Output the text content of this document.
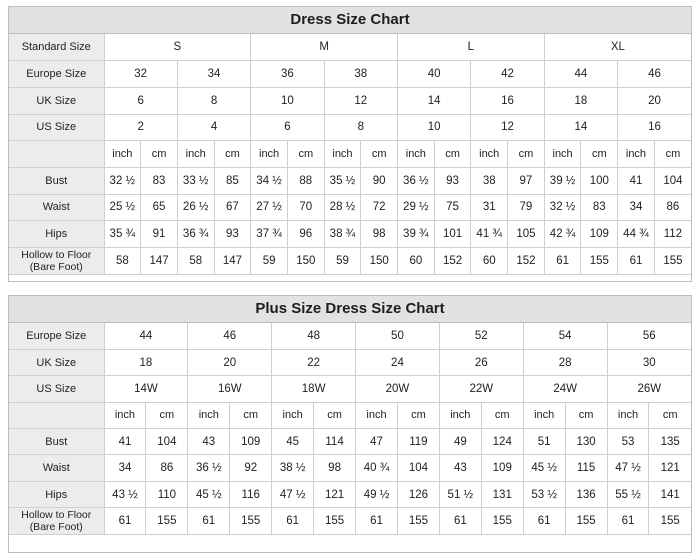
Dress Size Chart
Standard Size	S				M				L				XL			
Europe Size	32		34		36		38		40		42		44		46	
UK Size	6		8		10		12		14		16		18		20	
US Size	2		4		6		8		10		12		14		16	
	inch	cm	inch	cm	inch	cm	inch	cm	inch	cm	inch	cm	inch	cm	inch	cm
Bust	32 ½	83	33 ½	85	34 ½	88	35 ½	90	36 ½	93	38	97	39 ½	100	41	104
Waist	25 ½	65	26 ½	67	27 ½	70	28 ½	72	29 ½	75	31	79	32 ½	83	34	86
Hips	35 ¾	91	36 ¾	93	37 ¾	96	38 ¾	98	39 ¾	101	41 ¾	105	42 ¾	109	44 ¾	112
Hollow to Floor (Bare Foot)	58	147	58	147	59	150	59	150	60	152	60	152	61	155	61	155
Plus Size Dress Size Chart
Europe Size	44		46		48		50		52		54		56	
UK Size	18		20		22		24		26		28		30	
US Size	14W		16W		18W		20W		22W		24W		26W	
	inch	cm	inch	cm	inch	cm	inch	cm	inch	cm	inch	cm	inch	cm
Bust	41	104	43	109	45	114	47	119	49	124	51	130	53	135
Waist	34	86	36 ½	92	38 ½	98	40 ¾	104	43	109	45 ½	115	47 ½	121
Hips	43 ½	110	45 ½	116	47 ½	121	49 ½	126	51 ½	131	53 ½	136	55 ½	141
Hollow to Floor (Bare Foot)	61	155	61	155	61	155	61	155	61	155	61	155	61	155
